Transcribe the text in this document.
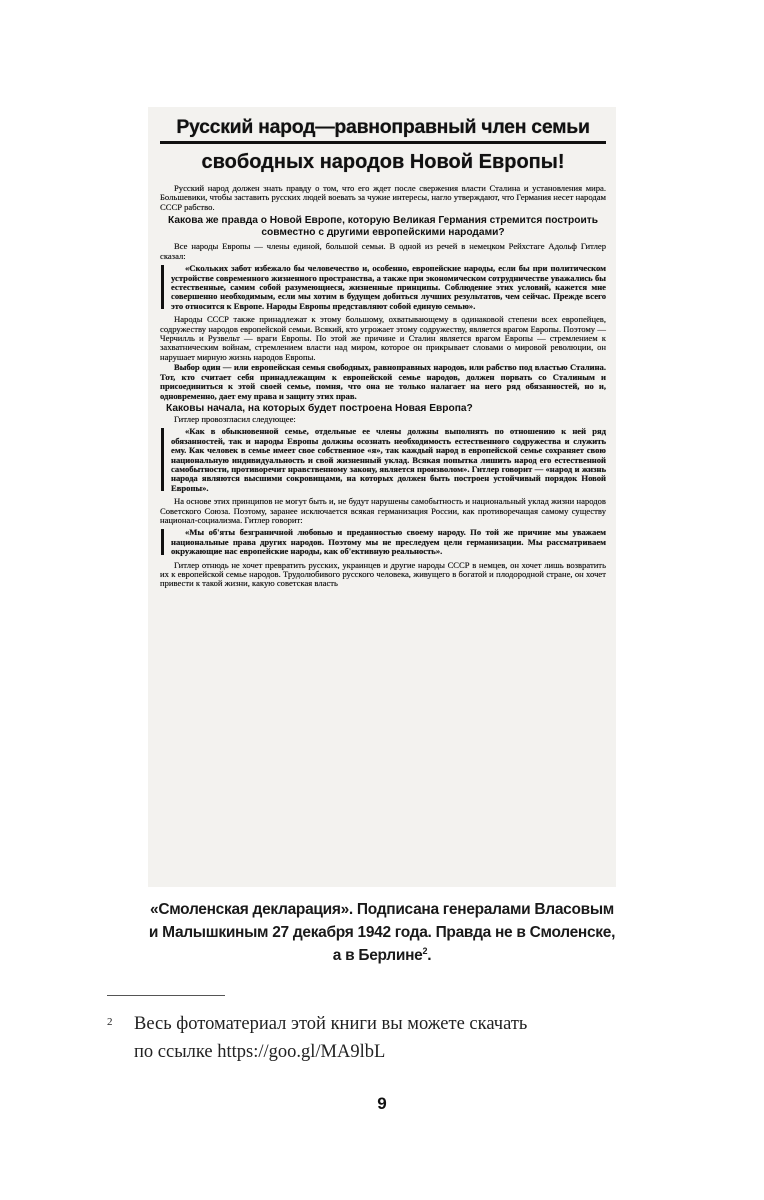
Русский народ—равноправный член семьи
свободных народов Новой Европы!

Русский народ должен знать правду о том, что его ждет после свержения власти Сталина и установления мира. Большевики, чтобы заставить русских людей воевать за чужие интересы, нагло утверждают, что Германия несет народам СССР рабство.

Какова же правда о Новой Европе, которую Великая Германия стремится построить совместно с другими европейскими народами?

Все народы Европы — члены единой, большой семьи. В одной из речей в немецком Рейхстаге Адольф Гитлер сказал:

«Скольких забот избежало бы человечество и, особенно, европейские народы, если бы при политическом устройстве современного жизненного пространства, а также при экономическом сотрудничестве уважались бы естественные, самим собой разумеющиеся, жизненные принципы. Соблюдение этих условий, кажется мне совершенно необходимым, если мы хотим в будущем добиться лучших результатов, чем сейчас. Прежде всего это относится к Европе. Народы Европы представляют собой единую семью».

Народы СССР также принадлежат к этому большому, охватывающему в одинаковой степени всех европейцев, содружеству народов европейской семьи. Всякий, кто угрожает этому содружеству, является врагом Европы. Поэтому — Черчилль и Рузвельт — враги Европы. По этой же причине и Сталин является врагом Европы — стремлением к захватническим войнам, стремлением власти над миром, которое он прикрывает словами о мировой революции, он нарушает мирную жизнь народов Европы.

Выбор один — или европейская семья свободных, равноправных народов, или рабство под властью Сталина. Тот, кто считает себя принадлежащим к европейской семье народов, должен порвать со Сталиным и присоединиться к этой своей семье, помня, что она не только налагает на него ряд обязанностей, но и, одновременно, дает ему права и защиту этих прав.

Каковы начала, на которых будет построена Новая Европа?

Гитлер провозгласил следующее:

«Как в обыкновенной семье, отдельные ее члены должны выполнять по отношению к ней ряд обязанностей, так и народы Европы должны осознать необходимость естественного содружества и служить ему. Как человек в семье имеет свое собственное «я», так каждый народ в европейской семье сохраняет свою национальную индивидуальность и свой жизненный уклад. Всякая попытка лишить народ его естественной самобытности, противоречит нравственному закону, является произволом». Гитлер говорит — «народ и жизнь народа являются высшими сокровищами, на которых должен быть построен устойчивый порядок Новой Европы».

На основе этих принципов не могут быть и, не будут нарушены самобытность и национальный уклад жизни народов Советского Союза. Поэтому, заранее исключается всякая германизация России, как противоречащая самому существу национал-социализма. Гитлер говорит:

«Мы об'яты безграничной любовью и преданностью своему народу. По той же причине мы уважаем национальные права других народов. Поэтому мы не преследуем цели германизации. Мы рассматриваем окружающие нас европейские народы, как об'ективную реальность».

Гитлер отнюдь не хочет превратить русских, украинцев и другие народы СССР в немцев, он хочет лишь возвратить их к европейской семье народов. Трудолюбивого русского человека, живущего в богатой и плодородной стране, он хочет привести к такой жизни, какую советская власть

«Смоленская декларация». Подписана генералами Власовым
и Малышкиным 27 декабря 1942 года. Правда не в Смоленске,
а в Берлине$^2$.
2 Весь фотоматериал этой книги вы можете скачать
по ссылке https://goo.gl/MA9lbL
9
